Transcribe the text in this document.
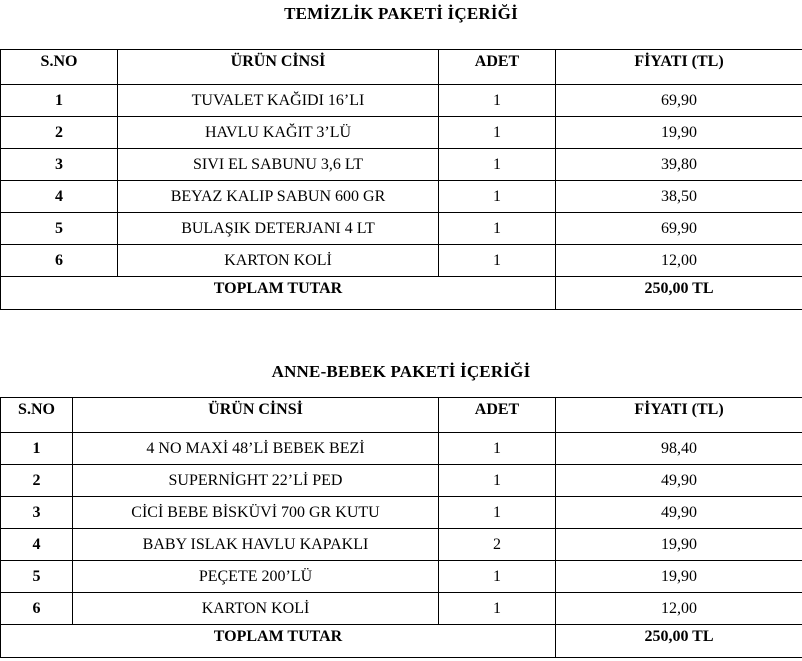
TEMİZLİK PAKETİ İÇERİĞİ
S.NO	ÜRÜN CİNSİ	ADET	FİYATI (TL)
1	TUVALET KAĞIDI 16’LI	1	69,90
2	HAVLU KAĞIT 3’LÜ	1	19,90
3	SIVI EL SABUNU 3,6 LT	1	39,80
4	BEYAZ KALIP SABUN 600 GR	1	38,50
5	BULAŞIK DETERJANI 4 LT	1	69,90
6	KARTON KOLİ	1	12,00
TOPLAM TUTAR			250,00 TL
ANNE-BEBEK PAKETİ İÇERİĞİ
S.NO	ÜRÜN CİNSİ	ADET	FİYATI (TL)
1	4 NO MAXİ 48’Lİ BEBEK BEZİ	1	98,40
2	SUPERNİGHT 22’Lİ PED	1	49,90
3	CİCİ BEBE BİSKÜVİ 700 GR KUTU	1	49,90
4	BABY ISLAK HAVLU KAPAKLI	2	19,90
5	PEÇETE 200’LÜ	1	19,90
6	KARTON KOLİ	1	12,00
TOPLAM TUTAR			250,00 TL
